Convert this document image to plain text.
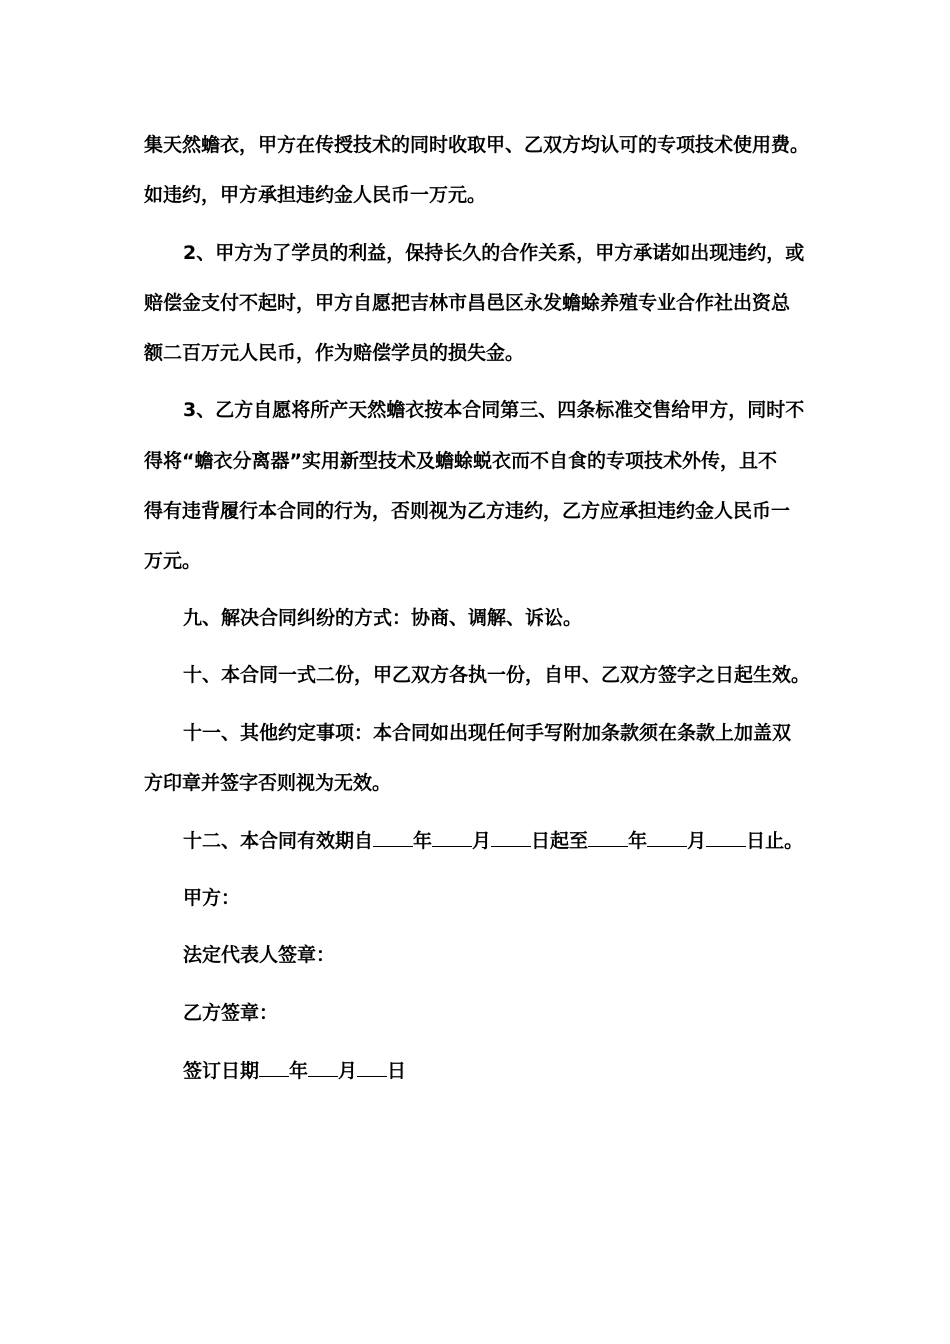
集天然蟾衣，甲方在传授技术的同时收取甲、乙双方均认可的专项技术使用费。
如违约，甲方承担违约金人民币一万元。
2、甲方为了学员的利益，保持长久的合作关系，甲方承诺如出现违约，或
赔偿金支付不起时，甲方自愿把吉林市昌邑区永发蟾蜍养殖专业合作社出资总
额二百万元人民币，作为赔偿学员的损失金。
3、乙方自愿将所产天然蟾衣按本合同第三、四条标准交售给甲方，同时不
得将“蟾衣分离器”实用新型技术及蟾蜍蜕衣而不自食的专项技术外传，且不
得有违背履行本合同的行为，否则视为乙方违约，乙方应承担违约金人民币一
万元。
九、解决合同纠纷的方式：协商、调解、诉讼。
十、本合同一式二份，甲乙双方各执一份，自甲、乙双方签字之日起生效。
十一、其他约定事项：本合同如出现任何手写附加条款须在条款上加盖双
方印章并签字否则视为无效。
十二、本合同有效期自 年 月 日起至 年 月 日止。
甲方：
法定代表人签章：
乙方签章：
签订日期 年 月 日
